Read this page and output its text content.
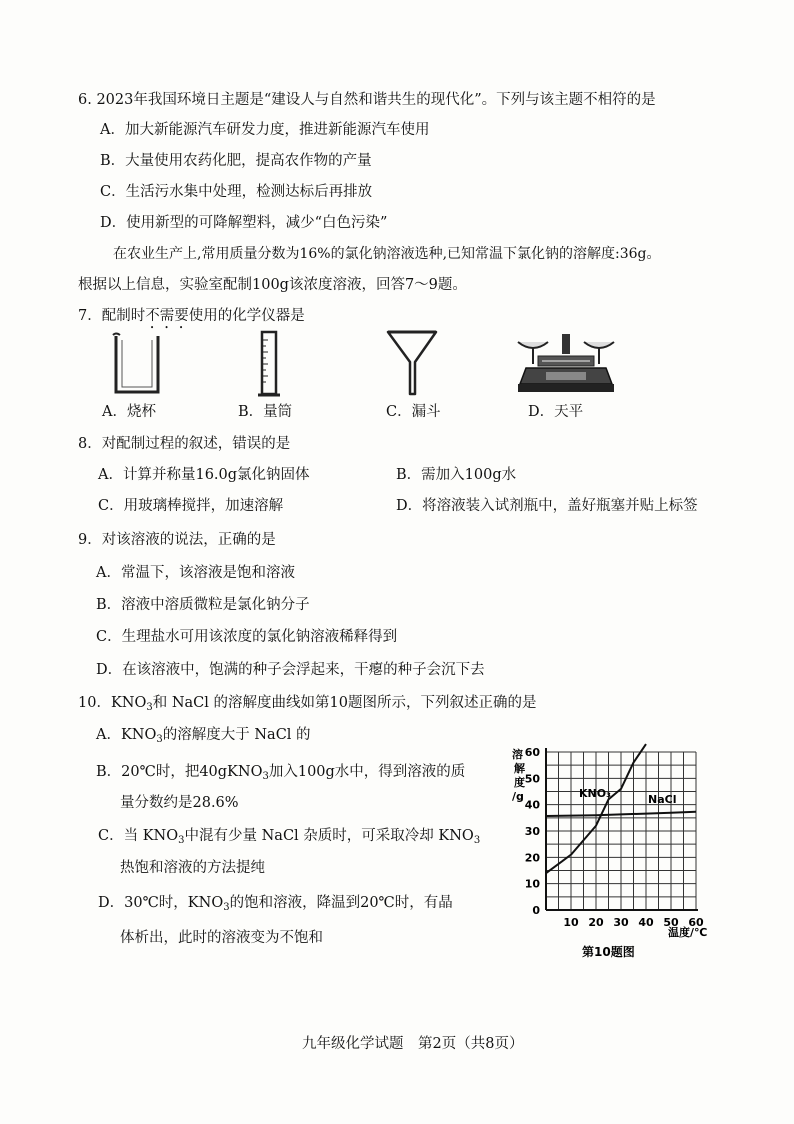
6. 2023年我国环境日主题是“建设人与自然和谐共生的现代化”。下列与该主题不相符的是
A．加大新能源汽车研发力度，推进新能源汽车使用
B．大量使用农药化肥，提高农作物的产量
C．生活污水集中处理，检测达标后再排放
D．使用新型的可降解塑料，减少“白色污染”
在农业生产上,常用质量分数为16%的氯化钠溶液选种,已知常温下氯化钠的溶解度:36g。
根据以上信息，实验室配制100g该浓度溶液，回答7～9题。
7．配制时不需要使用的化学仪器是
A．烧杯	B．量筒	C．漏斗	D．天平
8．对配制过程的叙述，错误的是
A．计算并称量16.0g氯化钠固体	B．需加入100g水
C．用玻璃棒搅拌，加速溶解	D．将溶液装入试剂瓶中，盖好瓶塞并贴上标签
9．对该溶液的说法，正确的是
A．常温下，该溶液是饱和溶液
B．溶液中溶质微粒是氯化钠分子
C．生理盐水可用该浓度的氯化钠溶液稀释得到
D．在该溶液中，饱满的种子会浮起来，干瘪的种子会沉下去
10．$KNO_3$和 NaCl 的溶解度曲线如第10题图所示，下列叙述正确的是
A．$KNO_3$的溶解度大于 NaCl 的
B．20℃时，把40gKNO$_3$加入100g水中，得到溶液的质
量分数约是28.6%
C．当 $KNO_3$中混有少量 NaCl 杂质时，可采取冷却 $KNO_3$
热饱和溶液的方法提纯
D．30℃时，$KNO_3$的饱和溶液，降温到20℃时，有晶
体析出，此时的溶液变为不饱和
0
10
20
30
40
50
60
10 20 30 40 50 60
溶
解
度
/g
温度/℃
KNO₃	NaCl
第10题图
九年级化学试题　第2页（共8页）
